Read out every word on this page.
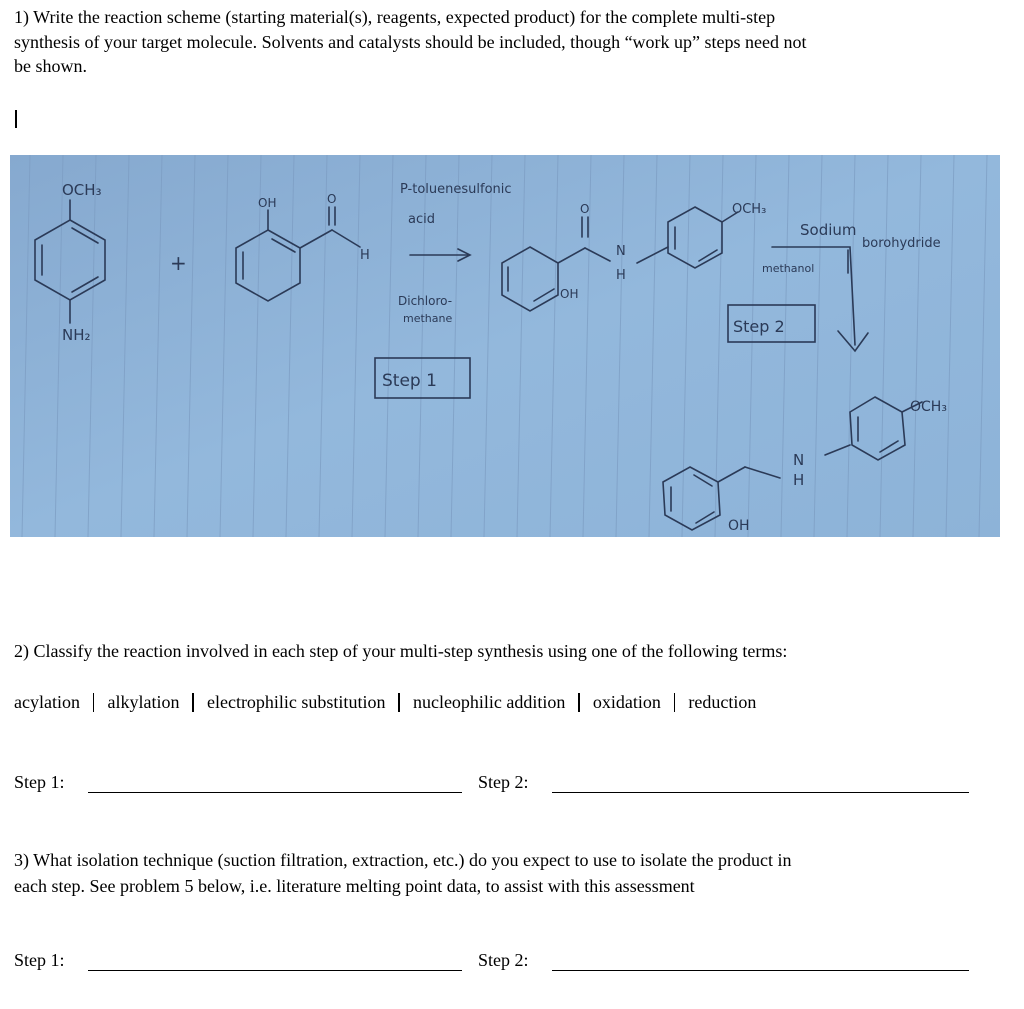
1) Write the reaction scheme (starting material(s), reagents, expected product) for the complete multi-step
synthesis of your target molecule. Solvents and catalysts should be included, though “work up” steps need not
be shown.
OCH₃
NH₂
+
OH	O
H
P-toluenesulfonic
acid
Dichloro-
methane
Step 1
O
N
H
OH
OCH₃
Sodium
borohydride
methanol
Step 2
OCH₃
N
H
OH
2) Classify the reaction involved in each step of your multi-step synthesis using one of the following terms:
acylation alkylation electrophilic substitution nucleophilic addition oxidation reduction
Step 1:	Step 2:
3) What isolation technique (suction filtration, extraction, etc.) do you expect to use to isolate the product in
each step. See problem 5 below, i.e. literature melting point data, to assist with this assessment
Step 1:	Step 2:
